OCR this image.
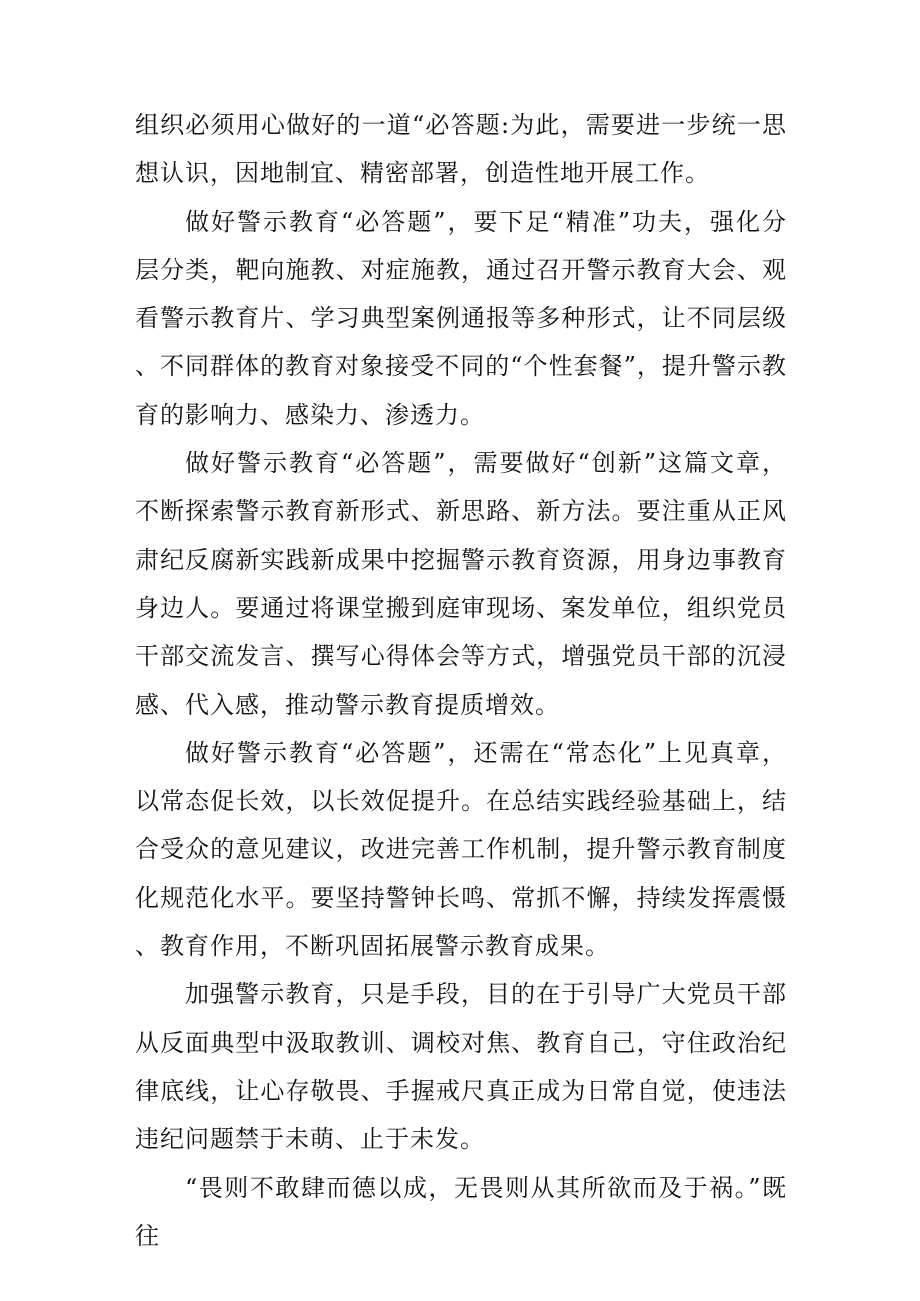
组织必须用心做好的一道“必答题:为此，需要进一步统一思想认识，因地制宜、精密部署，创造性地开展工作。

做好警示教育“必答题”，要下足“精准”功夫，强化分层分类，靶向施教、对症施教，通过召开警示教育大会、观看警示教育片、学习典型案例通报等多种形式，让不同层级、不同群体的教育对象接受不同的“个性套餐”，提升警示教育的影响力、感染力、渗透力。

做好警示教育“必答题”，需要做好“创新”这篇文章，不断探索警示教育新形式、新思路、新方法。要注重从正风肃纪反腐新实践新成果中挖掘警示教育资源，用身边事教育身边人。要通过将课堂搬到庭审现场、案发单位，组织党员干部交流发言、撰写心得体会等方式，增强党员干部的沉浸感、代入感，推动警示教育提质增效。

做好警示教育“必答题”，还需在“常态化”上见真章，以常态促长效，以长效促提升。在总结实践经验基础上，结合受众的意见建议，改进完善工作机制，提升警示教育制度化规范化水平。要坚持警钟长鸣、常抓不懈，持续发挥震慑、教育作用，不断巩固拓展警示教育成果。

加强警示教育，只是手段，目的在于引导广大党员干部从反面典型中汲取教训、调校对焦、教育自己，守住政治纪律底线，让心存敬畏、手握戒尺真正成为日常自觉，使违法违纪问题禁于未萌、止于未发。

“畏则不敢肆而德以成，无畏则从其所欲而及于祸。”既往
